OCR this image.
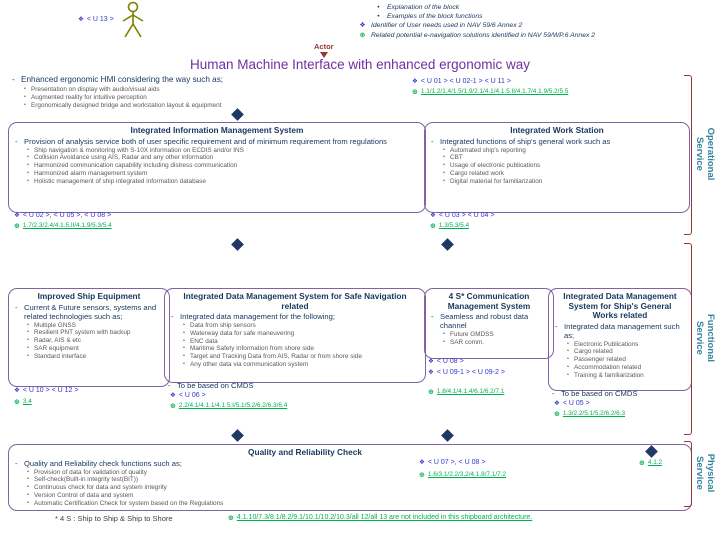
❖ < U 13 >
•	Explanation of the block
•	Examples of the block functions
❖ Identifier of User needs used in NAV 59/6 Annex 2
⊕ Related potential e-navigation solutions identified in NAV 59/WP.6 Annex 2
Actor
Human Machine Interface with enhanced ergonomic way
- Enhanced ergonomic HMI considering the way such as;
• Presentation on display with audio/visual aids
• Augmented reality for intuitive perception
• Ergonomically designed bridge and workstation layout & equipment
❖ < U 01 > < U 02-1 > < U 11 >
⊕ 1.1/1.2/1.4/1.5/1.9/2.1/4.1/4.1.5.II/4.1.7/4.1.9/5.2/5.5
Integrated Information Management System
- Provision of analysis service both of user specific requirement and of minimum requirement from regulations
• Ship navigation & monitoring with S-10X information on ECDIS and/or INS
• Collision Avoidance using AIS, Radar and any other information
• Harmonized communication capability including distress communication
• Harmonized alarm management system
• Holistic management of ship integrated information database
❖ < U 02 >, < U 05 >, < U 08 >
⊕ 1.7/2.3/2.4/4.1.5.II/4.1.9/5.3/5.4
Integrated Work Station
- Integrated functions of ship's general work such as
• Automated ship's reporting
• CBT
• Usage of electronic publications
• Cargo related work
• Digital material for familiarization
❖ < U 03 > < U 04 >
⊕ 1.3/5.3/5.4
Improved Ship Equipment
- Current & Future sensors, systems and related technologies such as;
• Multiple GNSS
• Resilient PNT system with backup
• Radar, AIS & etc
• SAR equipment
• Standard interface
❖ < U 10 > < U 12 >
⊕ 3.4
Integrated Data Management System for Safe Navigation related
- Integrated data management for the following;
• Data from ship sensors
• Waterway data for safe maneuvering
• ENC data
• Maritime Safety Information from shore side
• Target and Tracking Data from AIS, Radar or from shore side
• Any other data via communication system
- To be based on CMDS
❖ < U 06 >
⊕ 2.2/4.1/4.1.1/4.1.5.I/5.1/5.2/6.2/6.3/6.4
4 S* Communication Management System
- Seamless and robust data channel
• Future GMDSS
• SAR comm.
❖ < U 08 >
❖ < U 09-1 > < U 09-2 >
⊕ 1.8/4.1/4.1.4/6.1/6.2/7.1
Integrated Data Management System for Ship's General Works related
- Integrated data management such as;
• Electronic Publications
• Cargo related
• Passenger related
• Accommodation related
• Training & familiarization
- To be based on CMDS
❖ < U 05 >
⊕ 1.3/2.2/5.1/5.2/6.2/6.3
Quality and Reliability Check
- Quality and Reliability check functions such as;
• Provision of data for validation of quality
• Self-check(Built-in integrity test(BIT))
• Continuous check for data and system integrity
• Version Control of data and system
• Automatic Certification Check for system based on the Regulations
❖ < U 07 >, < U 08 >
⊕ 1.6/3.1/2.2/3.2/4.1.8/7.1/7.2
⊕ 4.1.2
Operational Service
Functional Service
Physical Service
* 4 S : Ship to Ship & Ship to Shore	⊕ 4.1.10/7.3/8.1/8.2/9.1/10.1/10.2/10.3/all 12/all 13 are not included in this shipboard architecture.
